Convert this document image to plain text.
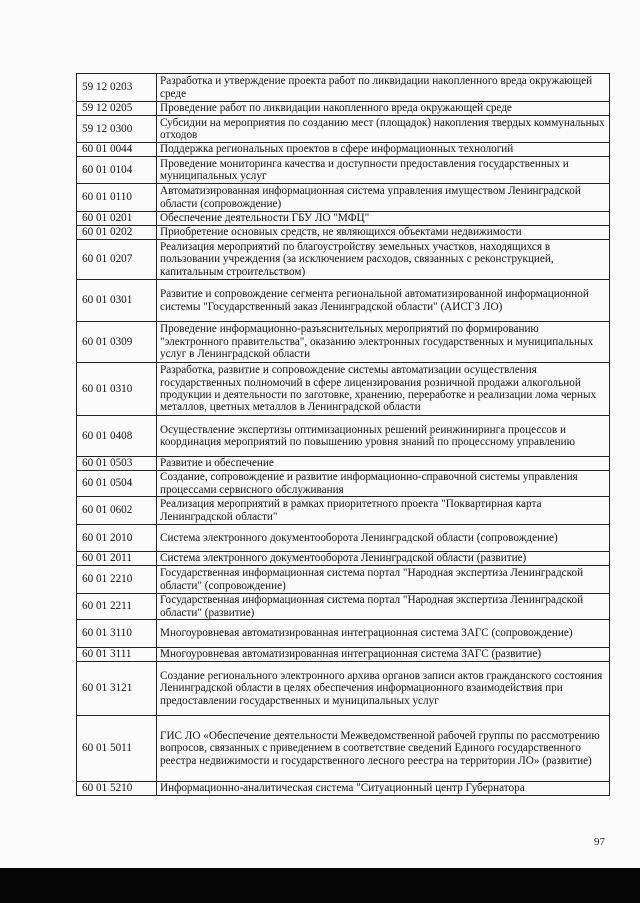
59 12 0203	Разработка и утверждение проекта работ по ликвидации накопленного вреда окружающей среде
59 12 0205	Проведение работ по ликвидации накопленного вреда окружающей среде
59 12 0300	Субсидии на мероприятия по созданию мест (площадок) накопления твердых коммунальных отходов
60 01 0044	Поддержка региональных проектов в сфере информационных технологий
60 01 0104	Проведение мониторинга качества и доступности предоставления государственных и муниципальных услуг
60 01 0110	Автоматизированная информационная система управления имуществом Ленинградской области (сопровождение)
60 01 0201	Обеспечение деятельности ГБУ ЛО "МФЦ"
60 01 0202	Приобретение основных средств, не являющихся объектами недвижимости
60 01 0207	Реализация мероприятий по благоустройству земельных участков, находящихся в пользовании учреждения (за исключением расходов, связанных с реконструкцией, капитальным строительством)
60 01 0301	Развитие и сопровождение сегмента региональной автоматизированной информационной системы "Государственный заказ Ленинградской области" (АИСГЗ ЛО)
60 01 0309	Проведение информационно-разъяснительных мероприятий по формированию "электронного правительства", оказанию электронных государственных и муниципальных услуг в Ленинградской области
60 01 0310	Разработка, развитие и сопровождение системы автоматизации осуществления государственных полномочий в сфере лицензирования розничной продажи алкогольной продукции и деятельности по заготовке, хранению, переработке и реализации лома черных металлов, цветных металлов в Ленинградской области
60 01 0408	Осуществление экспертизы оптимизационных решений реинжиниринга процессов и координация мероприятий по повышению уровня знаний по процессному управлению
60 01 0503	Развитие и обеспечение
60 01 0504	Создание, сопровождение и развитие информационно-справочной системы управления процессами сервисного обслуживания
60 01 0602	Реализация мероприятий в рамках приоритетного проекта "Поквартирная карта Ленинградской области"
60 01 2010	Система электронного документооборота Ленинградской области (сопровождение)
60 01 2011	Система электронного документооборота Ленинградской области (развитие)
60 01 2210	Государственная информационная система портал "Народная экспертиза Ленинградской области" (сопровождение)
60 01 2211	Государственная информационная система портал "Народная экспертиза Ленинградской области" (развитие)
60 01 3110	Многоуровневая автоматизированная интеграционная система ЗАГС (сопровождение)
60 01 3111	Многоуровневая автоматизированная интеграционная система ЗАГС (развитие)
60 01 3121	Создание регионального электронного архива органов записи актов гражданского состояния Ленинградской области в целях обеспечения информационного взаимодействия при предоставлении государственных и муниципальных услуг
60 01 5011	ГИС ЛО «Обеспечение деятельности Межведомственной рабочей группы по рассмотрению вопросов, связанных с приведением в соответствие сведений Единого государственного реестра недвижимости и государственного лесного реестра на территории ЛО» (развитие)
60 01 5210	Информационно-аналитическая система "Ситуационный центр Губернатора
97
